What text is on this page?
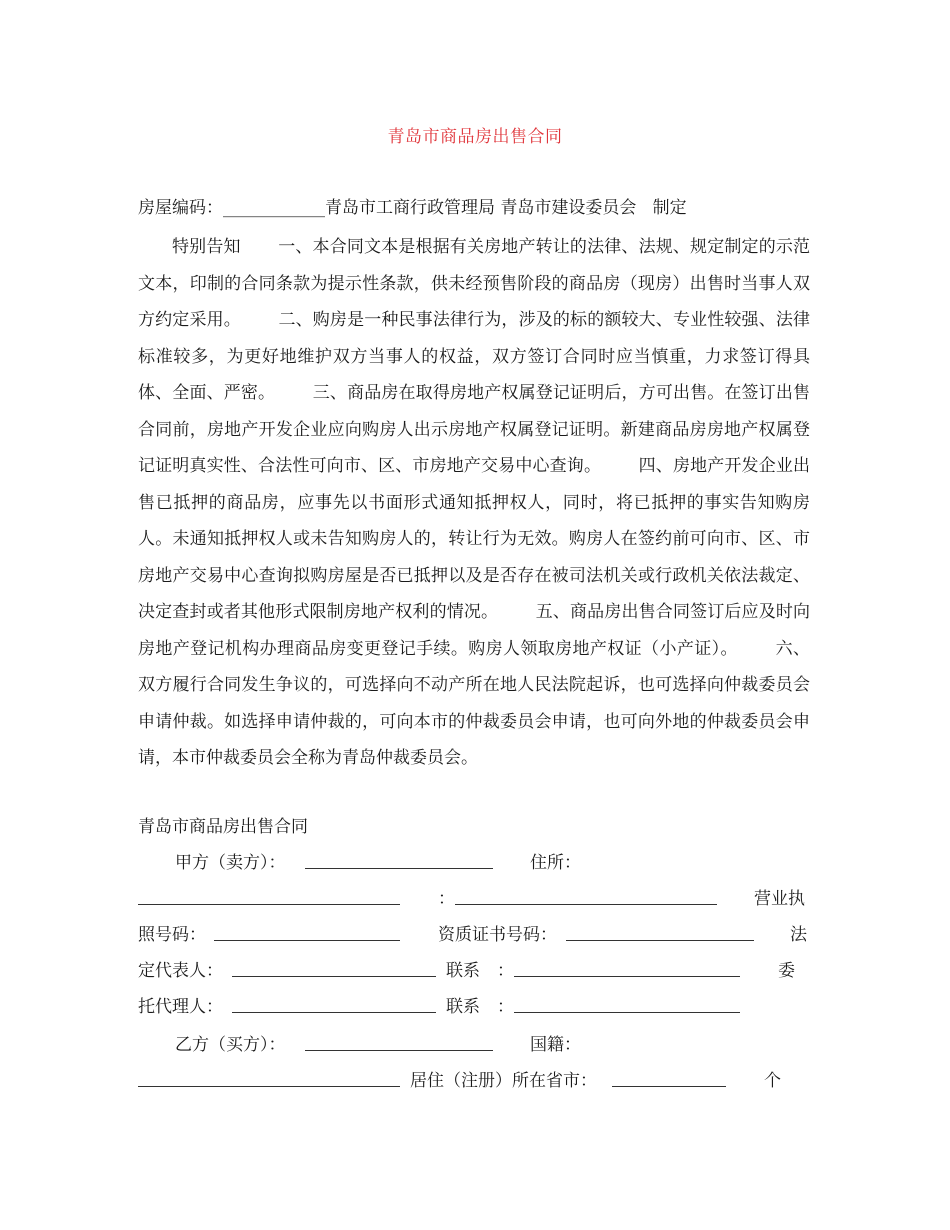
青岛市商品房出售合同
房屋编码：____________青岛市工商行政管理局 青岛市建设委员会 制定
特别告知 一、本合同文本是根据有关房地产转让的法律、法规、规定制定的示范文本，印制的合同条款为提示性条款，供未经预售阶段的商品房（现房）出售时当事人双方约定采用。 二、购房是一种民事法律行为，涉及的标的额较大、专业性较强、法律标准较多，为更好地维护双方当事人的权益，双方签订合同时应当慎重，力求签订得具体、全面、严密。 三、商品房在取得房地产权属登记证明后，方可出售。在签订出售合同前，房地产开发企业应向购房人出示房地产权属登记证明。新建商品房房地产权属登记证明真实性、合法性可向市、区、市房地产交易中心查询。 四、房地产开发企业出售已抵押的商品房，应事先以书面形式通知抵押权人，同时，将已抵押的事实告知购房人。未通知抵押权人或未告知购房人的，转让行为无效。购房人在签约前可向市、区、市房地产交易中心查询拟购房屋是否已抵押以及是否存在被司法机关或行政机关依法裁定、决定查封或者其他形式限制房地产权利的情况。 五、商品房出售合同签订后应及时向房地产登记机构办理商品房变更登记手续。购房人领取房地产权证（小产证）。 六、双方履行合同发生争议的，可选择向不动产所在地人民法院起诉，也可选择向仲裁委员会申请仲裁。如选择申请仲裁的，可向本市的仲裁委员会申请，也可向外地的仲裁委员会申请，本市仲裁委员会全称为青岛仲裁委员会。
青岛市商品房出售合同
甲方（卖方）：	住所：
：	营业执
照号码：	资质证书号码：	法
定代表人：	联系　：	委
托代理人：	联系　：
乙方（买方）：	国籍：
居住（注册）所在省市：	个
